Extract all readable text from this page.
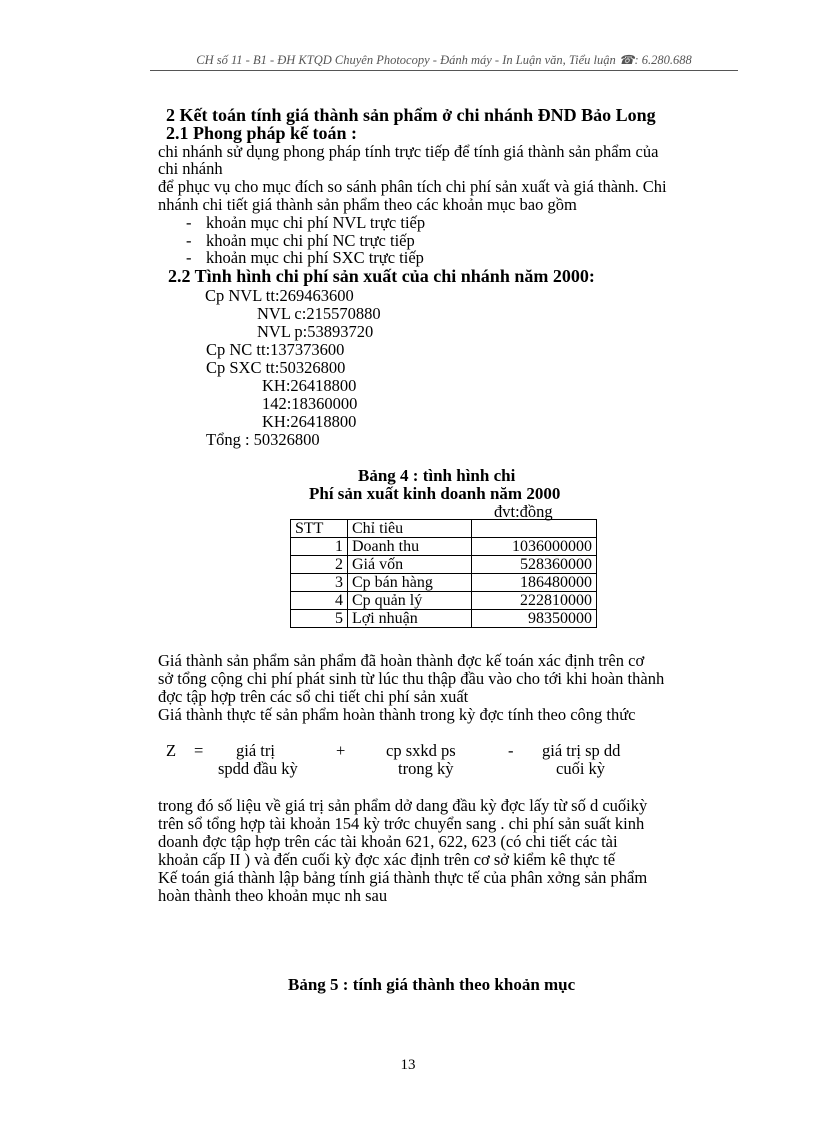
CH số 11 - B1 - ĐH KTQD Chuyên Photocopy - Đánh máy - In Luận văn, Tiểu luận ☎: 6.280.688
2 Kết toán tính giá thành sản phẩm ở chi nhánh ĐND Bảo Long
2.1 Phong pháp kế toán :
chi nhánh sử dụng phong pháp tính trực tiếp để tính giá thành sản phẩm của
chi nhánh
để phục vụ cho mục đích so sánh phân tích chi phí sản xuất và giá thành. Chi
nhánh chi tiết giá thành sản phẩm theo các khoản mục bao gồm
- khoản mục chi phí NVL trực tiếp
- khoản mục chi phí NC trực tiếp
- khoản mục chi phí SXC trực tiếp
2.2 Tình hình chi phí sản xuất của chi nhánh năm 2000:
Cp NVL tt:269463600
NVL c:215570880
NVL p:53893720
Cp NC tt:137373600
Cp SXC tt:50326800
KH:26418800
142:18360000
KH:26418800
Tổng : 50326800
Bảng 4 : tình hình chi
Phí sản xuất kinh doanh năm 2000
đvt:đồng
STT	Chỉ tiêu	
1	Doanh thu	1036000000
2	Giá vốn	528360000
3	Cp bán hàng	186480000
4	Cp quản lý	222810000
5	Lợi nhuận	98350000
Giá thành sản phẩm sản phẩm đã hoàn thành đợc kế toán xác định trên cơ
sở tổng cộng chi phí phát sinh từ lúc thu thập đầu vào cho tới khi hoàn thành
đợc tập hợp trên các sổ chi tiết chi phí sản xuất
Giá thành thực tế sản phẩm hoàn thành trong kỳ đợc tính theo công thức
Z = giá trị
spdd đầu kỳ
+ cp sxkd ps
trong kỳ
- giá trị sp dd
cuối kỳ
trong đó số liệu về giá trị sản phẩm dở dang đầu kỳ đợc lấy từ số d cuốikỳ
trên sổ tổng hợp tài khoản 154 kỳ trớc chuyển sang . chi phí sản suất kinh
doanh đợc tập hợp trên các tài khoản 621, 622, 623 (có chi tiết các tài
khoản cấp II ) và đến cuối kỳ đợc xác định trên cơ sở kiểm kê thực tế
Kế toán giá thành lập bảng tính giá thành thực tế của phân xởng sản phẩm
hoàn thành theo khoản mục nh sau
Bảng 5 : tính giá thành theo khoản mục
13
